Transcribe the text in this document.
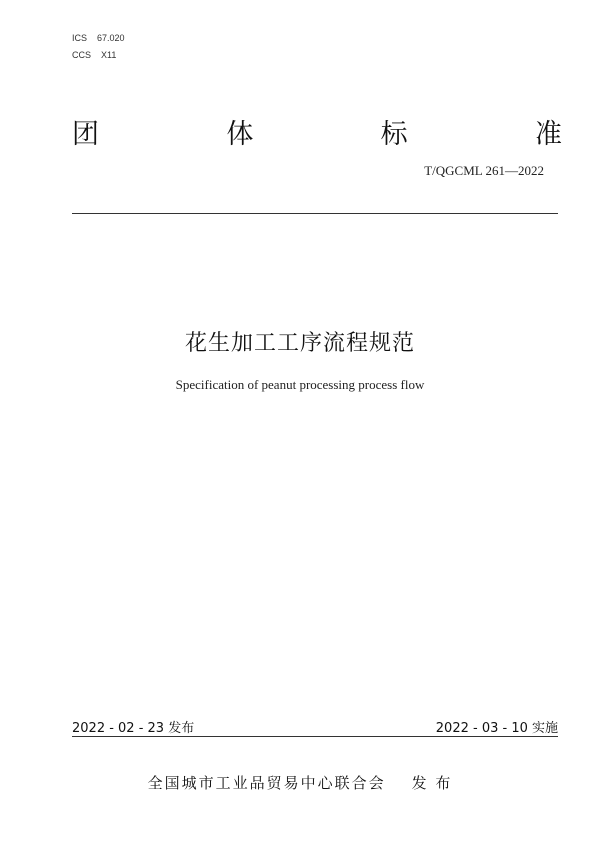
ICS 67.020
CCS X11
团	体	标	准
T/QGCML 261—2022
花生加工工序流程规范
Specification of peanut processing process flow
2022 - 02 - 23 发布	2022 - 03 - 10 实施
全国城市工业品贸易中心联合会 发 布
